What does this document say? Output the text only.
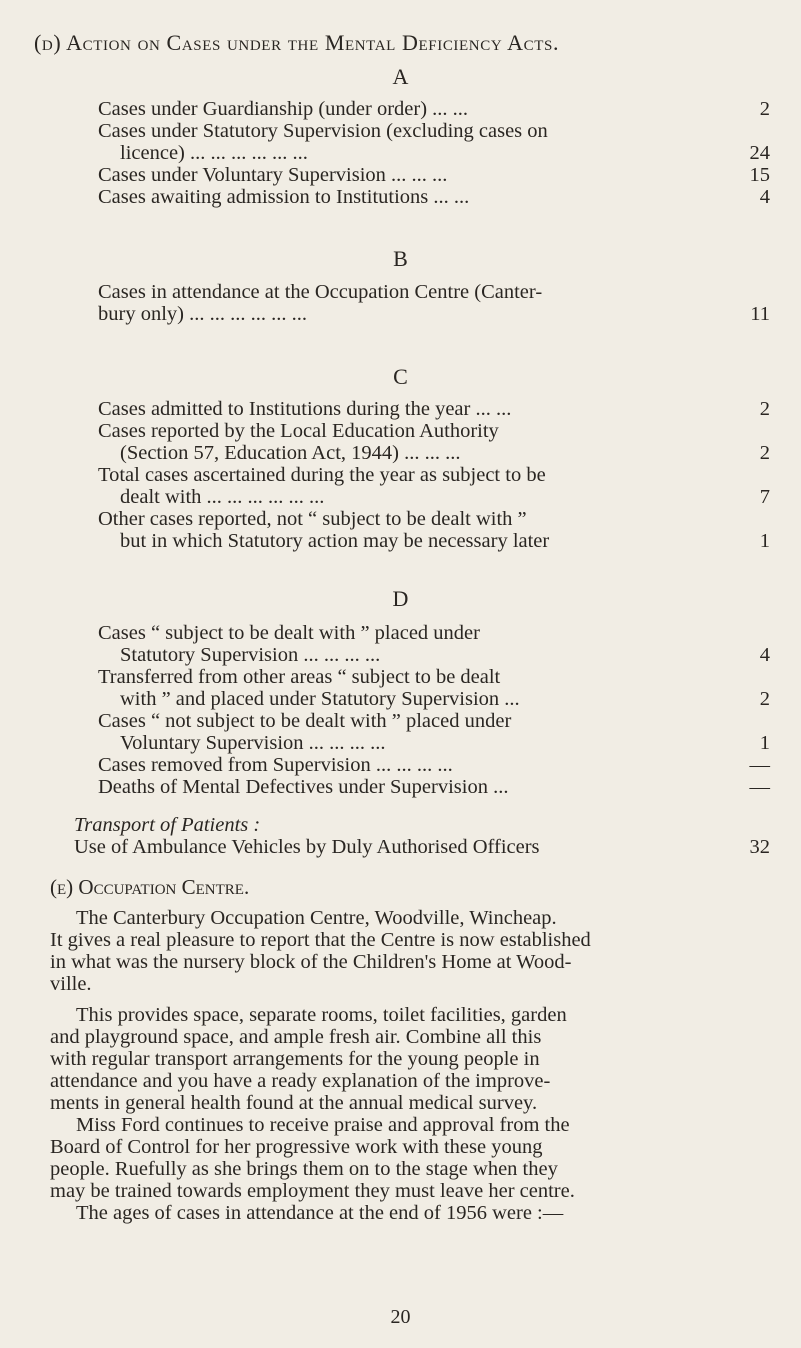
(d) Action on Cases under the Mental Deficiency Acts.
A
Cases under Guardianship (under order) ... ...	2
Cases under Statutory Supervision (excluding cases on
licence) ... ... ... ... ... ...	24
Cases under Voluntary Supervision ... ... ...	15
Cases awaiting admission to Institutions ... ...	4
B
Cases in attendance at the Occupation Centre (Canter-
bury only) ... ... ... ... ... ...	11
C
Cases admitted to Institutions during the year ... ...	2
Cases reported by the Local Education Authority
(Section 57, Education Act, 1944) ... ... ...	2
Total cases ascertained during the year as subject to be
dealt with ... ... ... ... ... ...	7
Other cases reported, not “ subject to be dealt with ”
but in which Statutory action may be necessary later	1
D
Cases “ subject to be dealt with ” placed under
Statutory Supervision ... ... ... ...	4
Transferred from other areas “ subject to be dealt
with ” and placed under Statutory Supervision ...	2
Cases “ not subject to be dealt with ” placed under
Voluntary Supervision ... ... ... ...	1
Cases removed from Supervision ... ... ... ...	—
Deaths of Mental Defectives under Supervision ...	—
Transport of Patients :
Use of Ambulance Vehicles by Duly Authorised Officers	32
(e) Occupation Centre.
The Canterbury Occupation Centre, Woodville, Wincheap.
It gives a real pleasure to report that the Centre is now established
in what was the nursery block of the Children's Home at Wood-
ville.
This provides space, separate rooms, toilet facilities, garden
and playground space, and ample fresh air. Combine all this
with regular transport arrangements for the young people in
attendance and you have a ready explanation of the improve-
ments in general health found at the annual medical survey.
Miss Ford continues to receive praise and approval from the
Board of Control for her progressive work with these young
people. Ruefully as she brings them on to the stage when they
may be trained towards employment they must leave her centre.
The ages of cases in attendance at the end of 1956 were :—
20
